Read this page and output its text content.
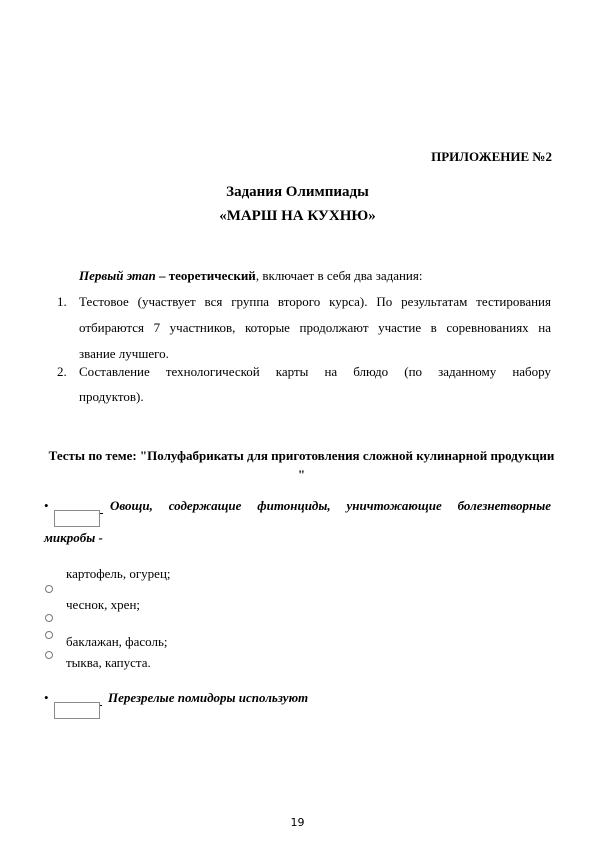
ПРИЛОЖЕНИЕ №2
Задания Олимпиады
«МАРШ НА КУХНЮ»
Первый этап – теоретический, включает в себя два задания:
1. Тестовое (участвует вся группа второго курса). По результатам тестирования
отбираются 7 участников, которые продолжают участие в соревнованиях на
звание лучшего.
2. Составление технологической карты на блюдо (по заданному набору
продуктов).
Тесты по теме: "Полуфабрикаты для приготовления сложной кулинарной продукции "
•	Овощи, содержащие фитонциды, уничтожающие болезнетворные
микробы -
картофель, огурец;
чеснок, хрен;
баклажан, фасоль;
тыква, капуста.
•	Перезрелые помидоры используют
19
